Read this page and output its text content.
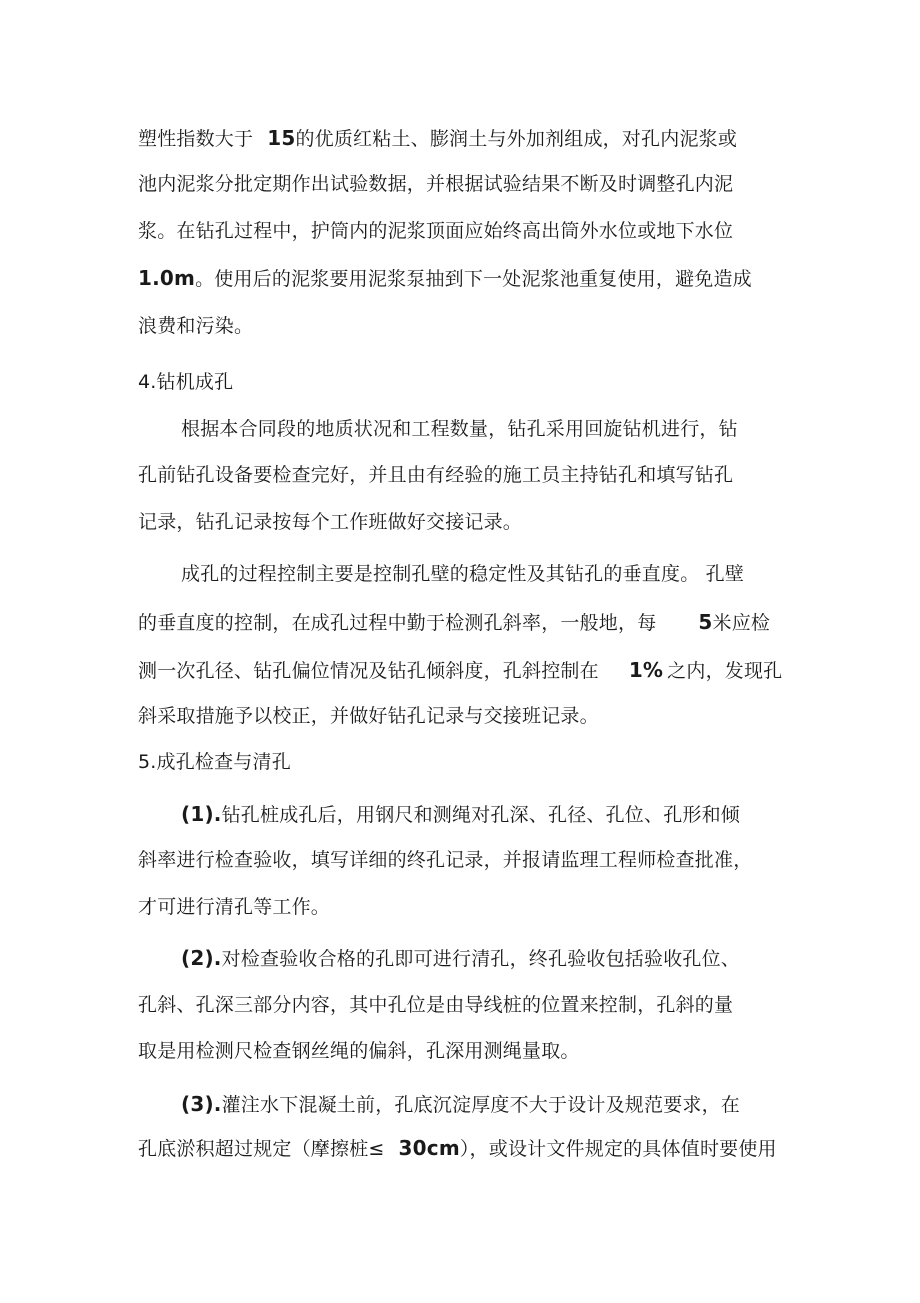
塑性指数大于 15的优质红粘土、膨润土与外加剂组成，对孔内泥浆或
池内泥浆分批定期作出试验数据，并根据试验结果不断及时调整孔内泥
浆。在钻孔过程中，护筒内的泥浆顶面应始终高出筒外水位或地下水位
1.0m。使用后的泥浆要用泥浆泵抽到下一处泥浆池重复使用，避免造成
浪费和污染。
4.钻机成孔
根据本合同段的地质状况和工程数量，钻孔采用回旋钻机进行，钻
孔前钻孔设备要检查完好，并且由有经验的施工员主持钻孔和填写钻孔
记录，钻孔记录按每个工作班做好交接记录。
成孔的过程控制主要是控制孔壁的稳定性及其钻孔的垂直度。 孔壁
的垂直度的控制，在成孔过程中勤于检测孔斜率，一般地，每 5米应检
测一次孔径、钻孔偏位情况及钻孔倾斜度，孔斜控制在 1% 之内，发现孔
斜采取措施予以校正，并做好钻孔记录与交接班记录。
5.成孔检查与清孔
(1).钻孔桩成孔后，用钢尺和测绳对孔深、孔径、孔位、孔形和倾
斜率进行检查验收，填写详细的终孔记录，并报请监理工程师检查批准，
才可进行清孔等工作。
(2).对检查验收合格的孔即可进行清孔，终孔验收包括验收孔位、
孔斜、孔深三部分内容，其中孔位是由导线桩的位置来控制，孔斜的量
取是用检测尺检查钢丝绳的偏斜，孔深用测绳量取。
(3).灌注水下混凝土前，孔底沉淀厚度不大于设计及规范要求，在
孔底淤积超过规定（摩擦桩≤ 30cm），或设计文件规定的具体值时要使用
